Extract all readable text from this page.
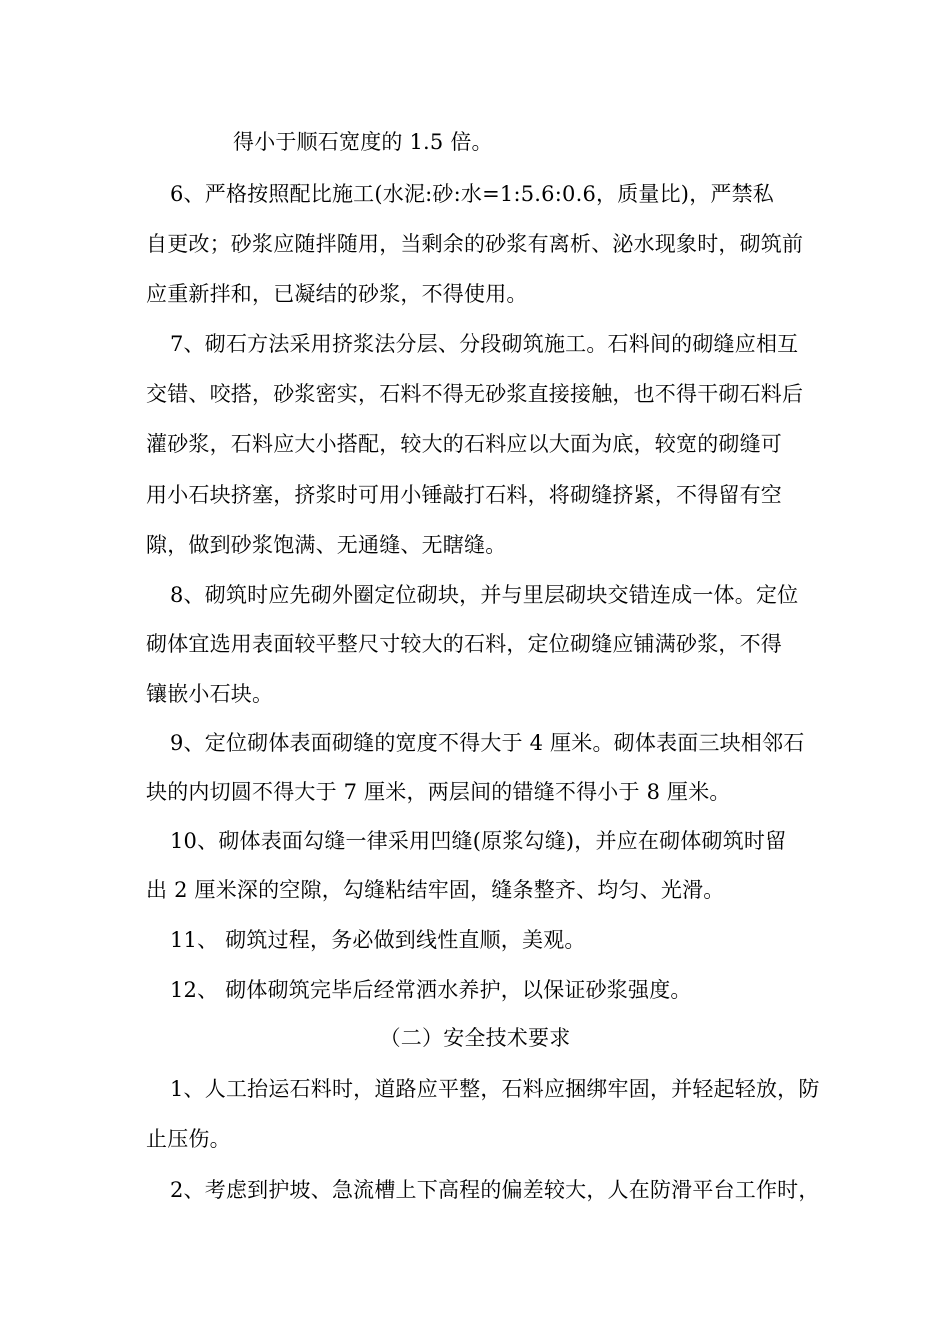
得小于顺石宽度的 1.5 倍。
6、严格按照配比施工(水泥:砂:水=1:5.6:0.6，质量比)，严禁私
自更改；砂浆应随拌随用，当剩余的砂浆有离析、泌水现象时，砌筑前
应重新拌和，已凝结的砂浆，不得使用。
7、砌石方法采用挤浆法分层、分段砌筑施工。石料间的砌缝应相互
交错、咬搭，砂浆密实，石料不得无砂浆直接接触，也不得干砌石料后
灌砂浆，石料应大小搭配，较大的石料应以大面为底，较宽的砌缝可
用小石块挤塞，挤浆时可用小锤敲打石料，将砌缝挤紧，不得留有空
隙，做到砂浆饱满、无通缝、无瞎缝。
8、砌筑时应先砌外圈定位砌块，并与里层砌块交错连成一体。定位
砌体宜选用表面较平整尺寸较大的石料，定位砌缝应铺满砂浆，不得
镶嵌小石块。
9、定位砌体表面砌缝的宽度不得大于 4 厘米。砌体表面三块相邻石
块的内切圆不得大于 7 厘米，两层间的错缝不得小于 8 厘米。
10、砌体表面勾缝一律采用凹缝(原浆勾缝)，并应在砌体砌筑时留
出 2 厘米深的空隙，勾缝粘结牢固，缝条整齐、均匀、光滑。
11、 砌筑过程，务必做到线性直顺，美观。
12、 砌体砌筑完毕后经常洒水养护，以保证砂浆强度。
（二）安全技术要求
1、人工抬运石料时，道路应平整，石料应捆绑牢固，并轻起轻放，防
止压伤。
2、考虑到护坡、急流槽上下高程的偏差较大，人在防滑平台工作时，
